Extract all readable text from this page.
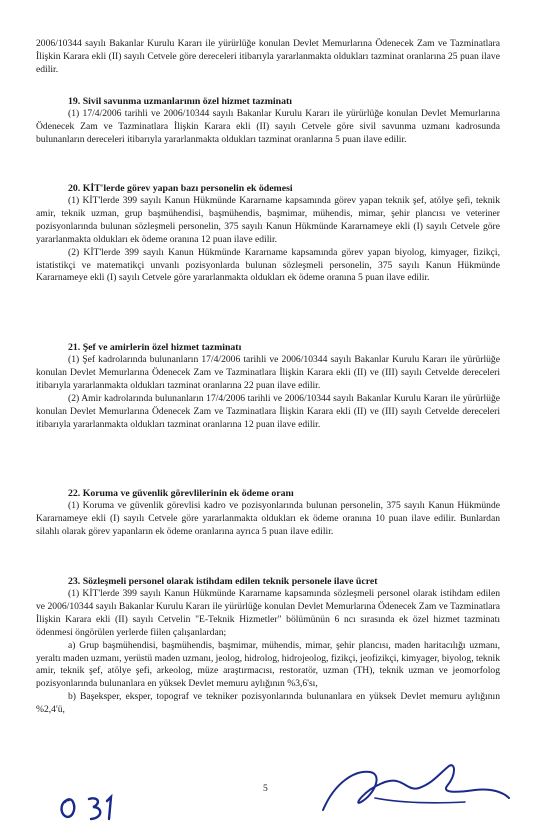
2006/10344 sayılı Bakanlar Kurulu Kararı ile yürürlüğe konulan Devlet Memurlarına Ödenecek Zam ve Tazminatlara İlişkin Karara ekli (II) sayılı Cetvele göre dereceleri itibarıyla yararlanmakta oldukları tazminat oranlarına 25 puan ilave edilir.

19. Sivil savunma uzmanlarının özel hizmet tazminatı

(1) 17/4/2006 tarihli ve 2006/10344 sayılı Bakanlar Kurulu Kararı ile yürürlüğe konulan Devlet Memurlarına Ödenecek Zam ve Tazminatlara İlişkin Karara ekli (II) sayılı Cetvele göre sivil savunma uzmanı kadrosunda bulunanların dereceleri itibarıyla yararlanmakta oldukları tazminat oranlarına 5 puan ilave edilir.

20. KİT'lerde görev yapan bazı personelin ek ödemesi

(1) KİT'lerde 399 sayılı Kanun Hükmünde Kararname kapsamında görev yapan teknik şef, atölye şefi, teknik amir, teknik uzman, grup başmühendisi, başmühendis, başmimar, mühendis, mimar, şehir plancısı ve veteriner pozisyonlarında bulunan sözleşmeli personelin, 375 sayılı Kanun Hükmünde Kararnameye ekli (I) sayılı Cetvele göre yararlanmakta oldukları ek ödeme oranına 12 puan ilave edilir.

(2) KİT'lerde 399 sayılı Kanun Hükmünde Kararname kapsamında görev yapan biyolog, kimyager, fizikçi, istatistikçi ve matematikçi unvanlı pozisyonlarda bulunan sözleşmeli personelin, 375 sayılı Kanun Hükmünde Kararnameye ekli (I) sayılı Cetvele göre yararlanmakta oldukları ek ödeme oranına 5 puan ilave edilir.

21. Şef ve amirlerin özel hizmet tazminatı

(1) Şef kadrolarında bulunanların 17/4/2006 tarihli ve 2006/10344 sayılı Bakanlar Kurulu Kararı ile yürürlüğe konulan Devlet Memurlarına Ödenecek Zam ve Tazminatlara İlişkin Karara ekli (II) ve (III) sayılı Cetvelde dereceleri itibarıyla yararlanmakta oldukları tazminat oranlarına 22 puan ilave edilir.

(2) Amir kadrolarında bulunanların 17/4/2006 tarihli ve 2006/10344 sayılı Bakanlar Kurulu Kararı ile yürürlüğe konulan Devlet Memurlarına Ödenecek Zam ve Tazminatlara İlişkin Karara ekli (II) ve (III) sayılı Cetvelde dereceleri itibarıyla yararlanmakta oldukları tazminat oranlarına 12 puan ilave edilir.

22. Koruma ve güvenlik görevlilerinin ek ödeme oranı

(1) Koruma ve güvenlik görevlisi kadro ve pozisyonlarında bulunan personelin, 375 sayılı Kanun Hükmünde Kararnameye ekli (I) sayılı Cetvele göre yararlanmakta oldukları ek ödeme oranına 10 puan ilave edilir. Bunlardan silahlı olarak görev yapanların ek ödeme oranlarına ayrıca 5 puan ilave edilir.

23. Sözleşmeli personel olarak istihdam edilen teknik personele ilave ücret

(1) KİT'lerde 399 sayılı Kanun Hükmünde Kararname kapsamında sözleşmeli personel olarak istihdam edilen ve 2006/10344 sayılı Bakanlar Kurulu Kararı ile yürürlüğe konulan Devlet Memurlarına Ödenecek Zam ve Tazminatlara İlişkin Karara ekli (II) sayılı Cetvelin "E-Teknik Hizmetler" bölümünün 6 ncı sırasında ek özel hizmet tazminatı ödenmesi öngörülen yerlerde fiilen çalışanlardan;

a) Grup başmühendisi, başmühendis, başmimar, mühendis, mimar, şehir plancısı, maden haritacılığı uzmanı, yeraltı maden uzmanı, yerüstü maden uzmanı, jeolog, hidrolog, hidrojeolog, fizikçi, jeofizikçi, kimyager, biyolog, teknik amir, teknik şef, atölye şefi, arkeolog, müze araştırmacısı, restoratör, uzman (TH), teknik uzman ve jeomorfolog pozisyonlarında bulunanlara en yüksek Devlet memuru aylığının %3,6'sı,

b) Başeksper, eksper, topograf ve tekniker pozisyonlarında bulunanlara en yüksek Devlet memuru aylığının %2,4'ü,

5
